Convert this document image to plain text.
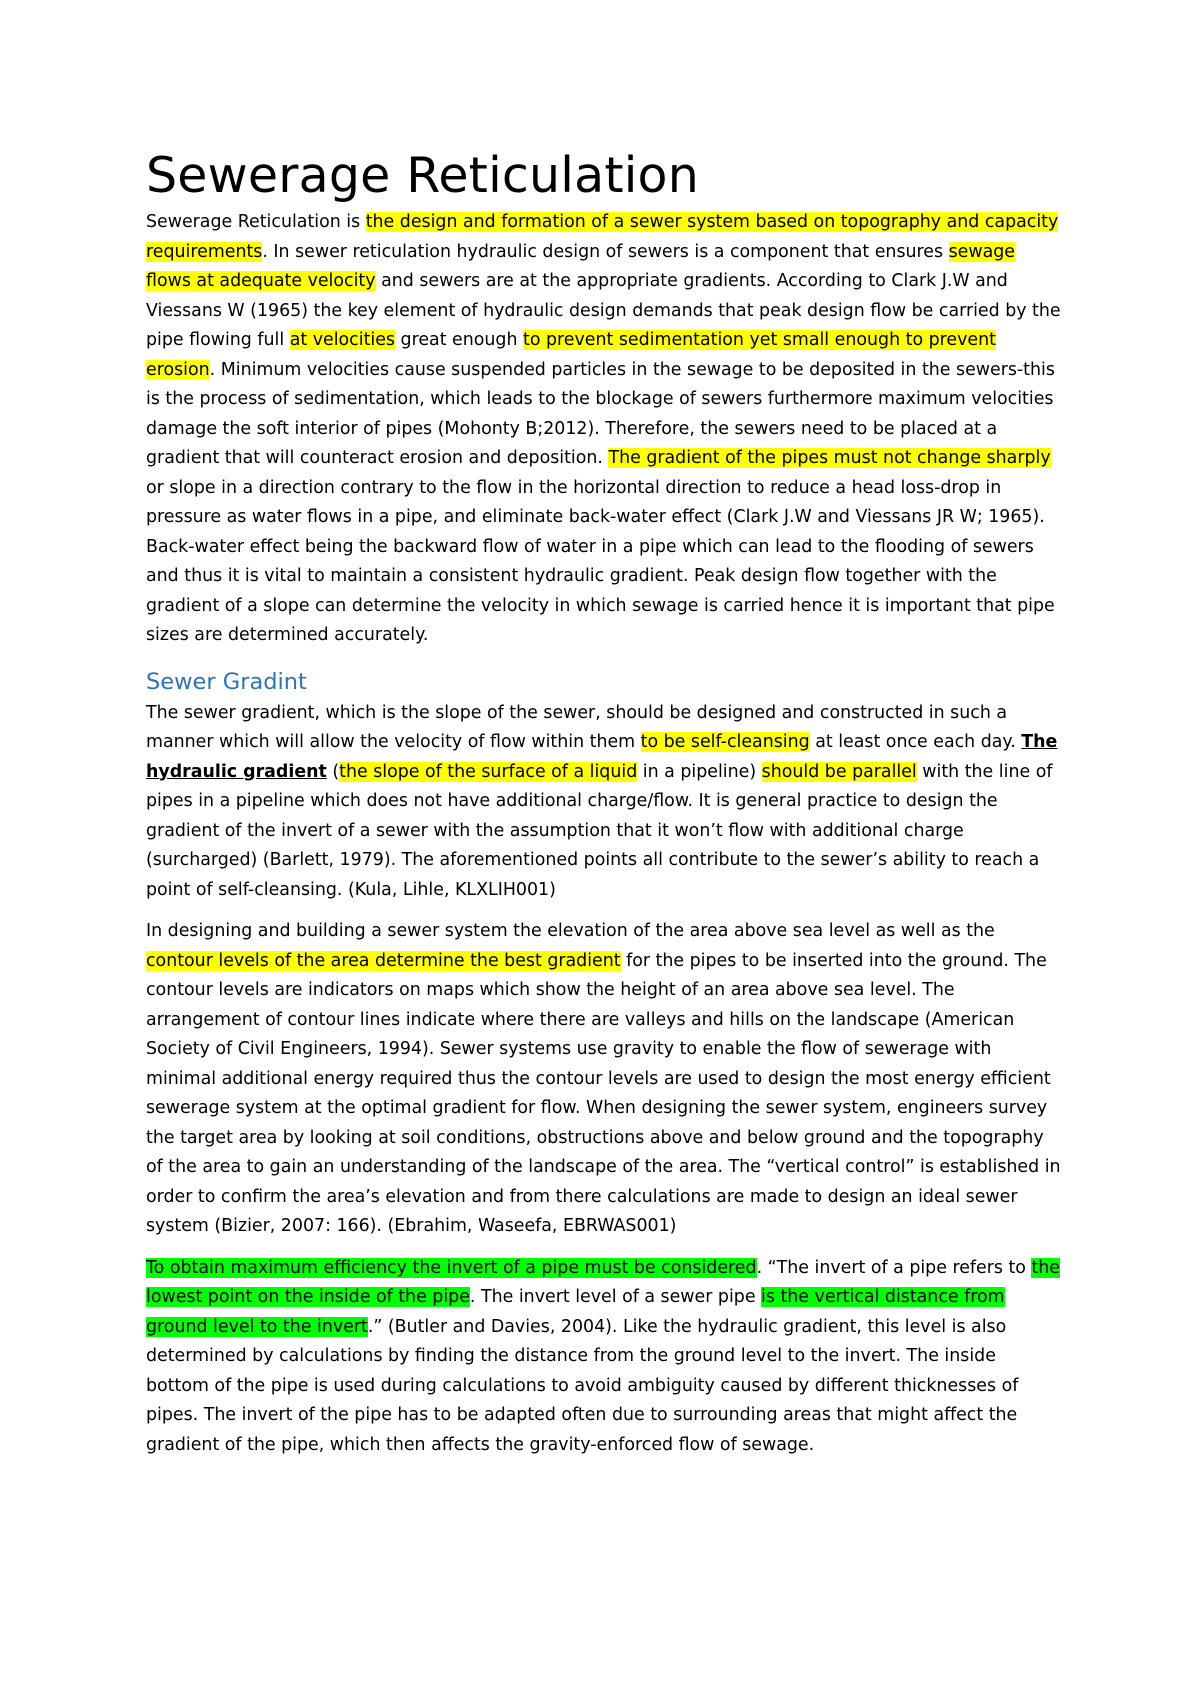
Sewerage Reticulation

Sewerage Reticulation is the design and formation of a sewer system based on topography and capacity requirements. In sewer reticulation hydraulic design of sewers is a component that ensures sewage flows at adequate velocity and sewers are at the appropriate gradients. According to Clark J.W and Viessans W (1965) the key element of hydraulic design demands that peak design flow be carried by the pipe flowing full at velocities great enough to prevent sedimentation yet small enough to prevent erosion. Minimum velocities cause suspended particles in the sewage to be deposited in the sewers-this is the process of sedimentation, which leads to the blockage of sewers furthermore maximum velocities damage the soft interior of pipes (Mohonty B;2012). Therefore, the sewers need to be placed at a gradient that will counteract erosion and deposition. The gradient of the pipes must not change sharply or slope in a direction contrary to the flow in the horizontal direction to reduce a head loss-drop in pressure as water flows in a pipe, and eliminate back-water effect (Clark J.W and Viessans JR W; 1965). Back-water effect being the backward flow of water in a pipe which can lead to the flooding of sewers and thus it is vital to maintain a consistent hydraulic gradient. Peak design flow together with the gradient of a slope can determine the velocity in which sewage is carried hence it is important that pipe sizes are determined accurately.

Sewer Gradint

The sewer gradient, which is the slope of the sewer, should be designed and constructed in such a manner which will allow the velocity of flow within them to be self-cleansing at least once each day. The hydraulic gradient (the slope of the surface of a liquid in a pipeline) should be parallel with the line of pipes in a pipeline which does not have additional charge/flow. It is general practice to design the gradient of the invert of a sewer with the assumption that it won’t flow with additional charge (surcharged) (Barlett, 1979). The aforementioned points all contribute to the sewer’s ability to reach a point of self-cleansing. (Kula, Lihle, KLXLIH001)

In designing and building a sewer system the elevation of the area above sea level as well as the contour levels of the area determine the best gradient for the pipes to be inserted into the ground. The contour levels are indicators on maps which show the height of an area above sea level. The arrangement of contour lines indicate where there are valleys and hills on the landscape (American Society of Civil Engineers, 1994). Sewer systems use gravity to enable the flow of sewerage with minimal additional energy required thus the contour levels are used to design the most energy efficient sewerage system at the optimal gradient for flow. When designing the sewer system, engineers survey the target area by looking at soil conditions, obstructions above and below ground and the topography of the area to gain an understanding of the landscape of the area. The “vertical control” is established in order to confirm the area’s elevation and from there calculations are made to design an ideal sewer system (Bizier, 2007: 166). (Ebrahim, Waseefa, EBRWAS001)

To obtain maximum efficiency the invert of a pipe must be considered. “The invert of a pipe refers to the lowest point on the inside of the pipe. The invert level of a sewer pipe is the vertical distance from ground level to the invert.” (Butler and Davies, 2004). Like the hydraulic gradient, this level is also determined by calculations by finding the distance from the ground level to the invert. The inside bottom of the pipe is used during calculations to avoid ambiguity caused by different thicknesses of pipes. The invert of the pipe has to be adapted often due to surrounding areas that might affect the gradient of the pipe, which then affects the gravity-enforced flow of sewage.
